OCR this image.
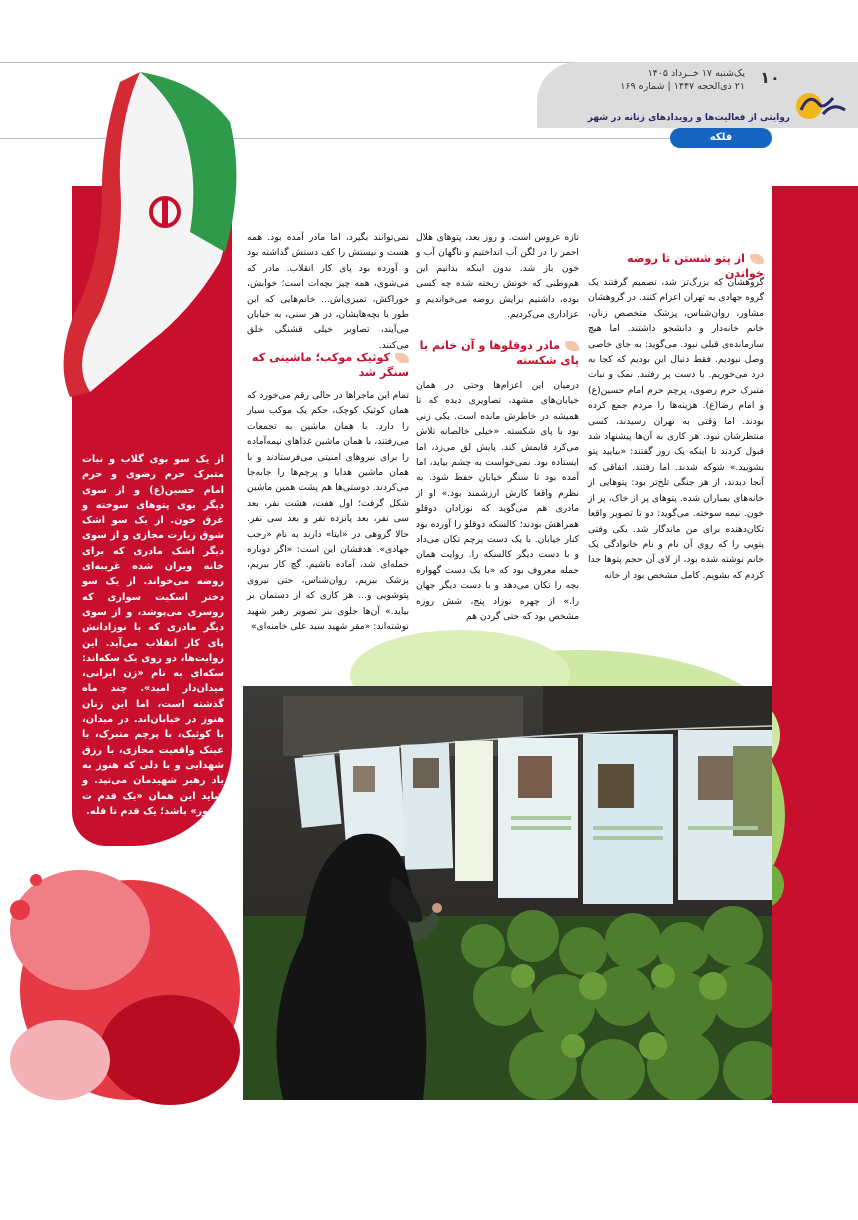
۱۰
یک‌شنبه ۱۷ خــرداد ۱۴۰۵
۲۱ ذی‌الحجه ۱۴۴۷ | شماره ۱۶۹
روایتی از فعالیت‌ها و رویدادهای زنانه در شهر
فلکه
از پتو شستن تا روضه خواندن
مادر دوقلوها و آن خانم با پای شکسته
کوثیک موکب؛ ماشینی که سنگر شد

گروهشان که بزرگ‌تر شد، تصمیم گرفتند یک گروه جهادی به تهران اعزام کنند. در گروهشان مشاور، روان‌شناس، پزشک متخصص زنان، خانم خانه‌دار و دانشجو داشتند. اما هیچ سازمانده‌ی قبلی نبود. می‌گوید: به جای خاصی وصل نبودیم. فقط دنبال این بودیم که کجا به درد می‌خوریم. با دست پر رفتند. نمک و نبات متبرک حرم رضوی، پرچم حرم امام حسین(ع) و امام رضا(ع). هزینه‌ها را مردم جمع کرده بودند. اما وقتی به تهران رسیدند، کسی منتظرشان نبود. هر کاری به آن‌ها پیشنهاد شد قبول کردند تا اینکه یک روز گفتند: «بیایید پتو بشویید.» شوکه شدند. اما رفتند. اتفاقی که آنجا دیدند، از هر جنگی تلخ‌تر بود: پتوهایی از خانه‌های بمباران شده. پتوهای پر از خاک، پر از خون. نیمه سوخته. می‌گوید: دو تا تصویر واقعا تکان‌دهنده برای من ماندگار شد. یکی وقتی پتویی را که روی آن نام و نام خانوادگی یک خانم نوشته شده بود، از لای آن حجم پتوها جدا کردم که بشویم. کامل مشخص بود از خانه

تازه عروس است. و روز بعد، پتوهای هلال احمر را در لگن آب انداختیم و ناگهان آب و خون باز شد. بدون اینکه بدانیم این هم‌وطنی که خونش ریخته شده چه کسی بوده، داشتیم برایش روضه می‌خواندیم و عزاداری می‌کردیم.

درمیان این اعزام‌ها وحتی در همان خیابان‌های مشهد، تصاویری دیده که تا همیشه در خاطرش مانده است. یکی زنی بود با پای شکسته. «خیلی خالصانه تلاش می‌کرد قایمش کند. پایش لق می‌زد، اما ایستاده بود. نمی‌خواست به چشم بیاید، اما آمده بود تا سنگر خیابان حفظ شود. به نظرم واقعا کارش ارزشمند بود.» او از مادری هم می‌گوید که نوزادان دوقلو همراهش بودند؛ کالسکه دوقلو را آورده بود کنار خیابان. با یک دست پرچم تکان می‌داد و با دست دیگر کالسکه را. روایت همان جمله معروف بود که «با یک دست گهواره بچه را تکان می‌دهد و با دست دیگر جهان را.» از چهره نوزاد پنج، شش روزه مشخص بود که حتی گردن هم

نمی‌توانند بگیرد، اما مادر آمده بود. همه هست و نیستش را کف دستش گذاشته بود و آورده بود پای کار انقلاب. مادر که می‌شوی، همه چیز بچه‌ات است؛ خوابش، خوراکش، تمیزی‌اش... خانم‌هایی که این طور با بچه‌هایشان، در هر سنی، به خیابان می‌آیند، تصاویر خیلی قشنگی خلق می‌کنند.

تمام این ماجراها در حالی رقم می‌خورد که همان کوثیک کوچک، حکم یک موکب سیار را دارد. با همان ماشین به تجمعات می‌رفتند، با همان ماشین غذاهای نیمه‌آماده را برای نیروهای امنیتی می‌فرستادند و با همان ماشین هدایا و پرچم‌ها را جابه‌جا می‌کردند. دوستی‌ها هم پشت همین ماشین شکل گرفت؛ اول هفت، هشت نفر، بعد سی نفر، بعد پانزده نفر و بعد سی نفر. حالا گروهی در «ایتا» دارند به نام «رجب جهادی». هدفشان این است: «اگر دوباره حمله‌ای شد، آماده باشیم. گچ کار ببریم، پزشک ببریم، روان‌شناس، حتی نیروی پتوشویی و... هر کاری که از دستمان بر بیاید.» آن‌ها جلوی بنر تصویر رهبر شهید نوشته‌اند: «مقر شهید سید علی خامنه‌ای»

از یک سو بوی گلاب و نبات متبرک حرم رضوی و حرم امام حسین(ع) و از سوی دیگر بوی پتوهای سوخته و غرق خون. از یک سو اشک شوق زیارت مجازی و از سوی دیگر اشک مادری که برای خانه ویران شده غریبه‌ای روضه می‌خواند. از یک سو دختر اسکیت سواری که روسری می‌پوشد، و از سوی دیگر مادری که با نوزادانش پای کار انقلاب می‌آید. این روایت‌ها، دو روی یک سکه‌اند: سکه‌ای به نام «زن ایرانی، میدان‌دار امید». چند ماه گذشته است، اما این زنان هنوز در خیابان‌اند. در میدان، با کوثیک، با پرچم متبرک، با عینک واقعیت مجازی، با رزق شهدایی و با دلی که هنوز به یاد رهبر شهیدمان می‌تپد. و شاید این همان «یک قدم ت ظهور» باشد؛ یک قدم تا قله.
